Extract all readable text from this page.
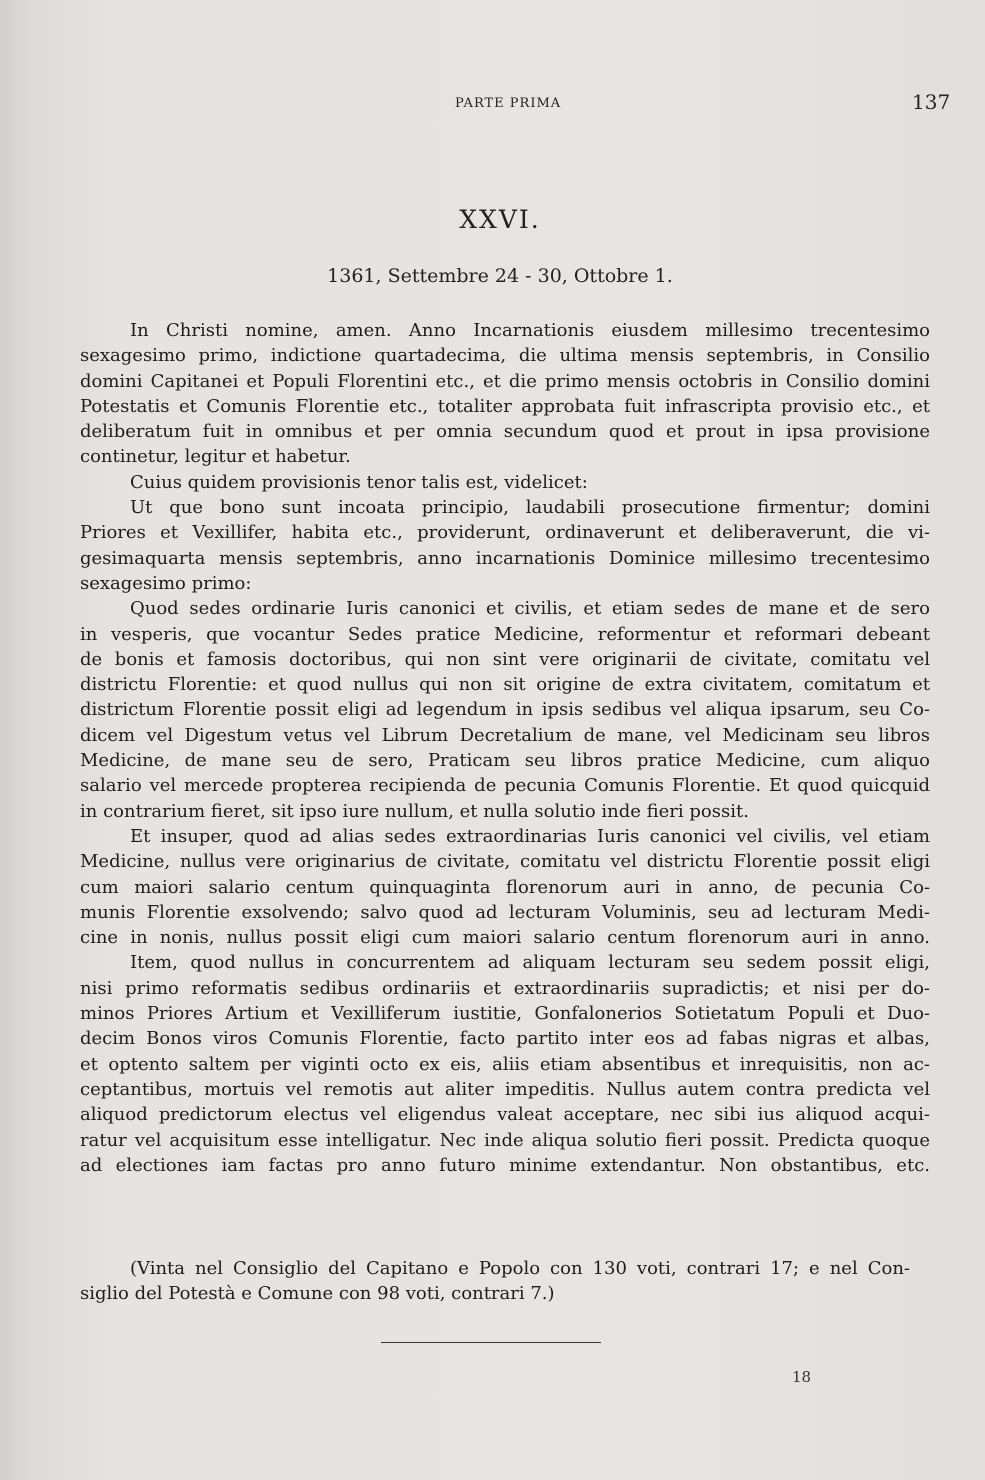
PARTE PRIMA	137
XXVI.
1361, Settembre 24 - 30, Ottobre 1.
In Christi nomine, amen. Anno Incarnationis eiusdem millesimo trecentesimo
sexagesimo primo, indictione quartadecima, die ultima mensis septembris, in Consilio
domini Capitanei et Populi Florentini etc., et die primo mensis octobris in Consilio domini
Potestatis et Comunis Florentie etc., totaliter approbata fuit infrascripta provisio etc., et
deliberatum fuit in omnibus et per omnia secundum quod et prout in ipsa provisione
continetur, legitur et habetur.
Cuius quidem provisionis tenor talis est, videlicet:
Ut que bono sunt incoata principio, laudabili prosecutione firmentur; domini
Priores et Vexillifer, habita etc., providerunt, ordinaverunt et deliberaverunt, die vi-
gesimaquarta mensis septembris, anno incarnationis Dominice millesimo trecentesimo
sexagesimo primo:
Quod sedes ordinarie Iuris canonici et civilis, et etiam sedes de mane et de sero
in vesperis, que vocantur Sedes pratice Medicine, reformentur et reformari debeant
de bonis et famosis doctoribus, qui non sint vere originarii de civitate, comitatu vel
districtu Florentie: et quod nullus qui non sit origine de extra civitatem, comitatum et
districtum Florentie possit eligi ad legendum in ipsis sedibus vel aliqua ipsarum, seu Co-
dicem vel Digestum vetus vel Librum Decretalium de mane, vel Medicinam seu libros
Medicine, de mane seu de sero, Praticam seu libros pratice Medicine, cum aliquo
salario vel mercede propterea recipienda de pecunia Comunis Florentie. Et quod quicquid
in contrarium fieret, sit ipso iure nullum, et nulla solutio inde fieri possit.
Et insuper, quod ad alias sedes extraordinarias Iuris canonici vel civilis, vel etiam
Medicine, nullus vere originarius de civitate, comitatu vel districtu Florentie possit eligi
cum maiori salario centum quinquaginta florenorum auri in anno, de pecunia Co-
munis Florentie exsolvendo; salvo quod ad lecturam Voluminis, seu ad lecturam Medi-
cine in nonis, nullus possit eligi cum maiori salario centum florenorum auri in anno.
Item, quod nullus in concurrentem ad aliquam lecturam seu sedem possit eligi,
nisi primo reformatis sedibus ordinariis et extraordinariis supradictis; et nisi per do-
minos Priores Artium et Vexilliferum iustitie, Gonfalonerios Sotietatum Populi et Duo-
decim Bonos viros Comunis Florentie, facto partito inter eos ad fabas nigras et albas,
et optento saltem per viginti octo ex eis, aliis etiam absentibus et inrequisitis, non ac-
ceptantibus, mortuis vel remotis aut aliter impeditis. Nullus autem contra predicta vel
aliquod predictorum electus vel eligendus valeat acceptare, nec sibi ius aliquod acqui-
ratur vel acquisitum esse intelligatur. Nec inde aliqua solutio fieri possit. Predicta quoque
ad electiones iam factas pro anno futuro minime extendantur. Non obstantibus, etc.
(Vinta nel Consiglio del Capitano e Popolo con 130 voti, contrari 17; e nel Con-
siglio del Potestà e Comune con 98 voti, contrari 7.)
18
